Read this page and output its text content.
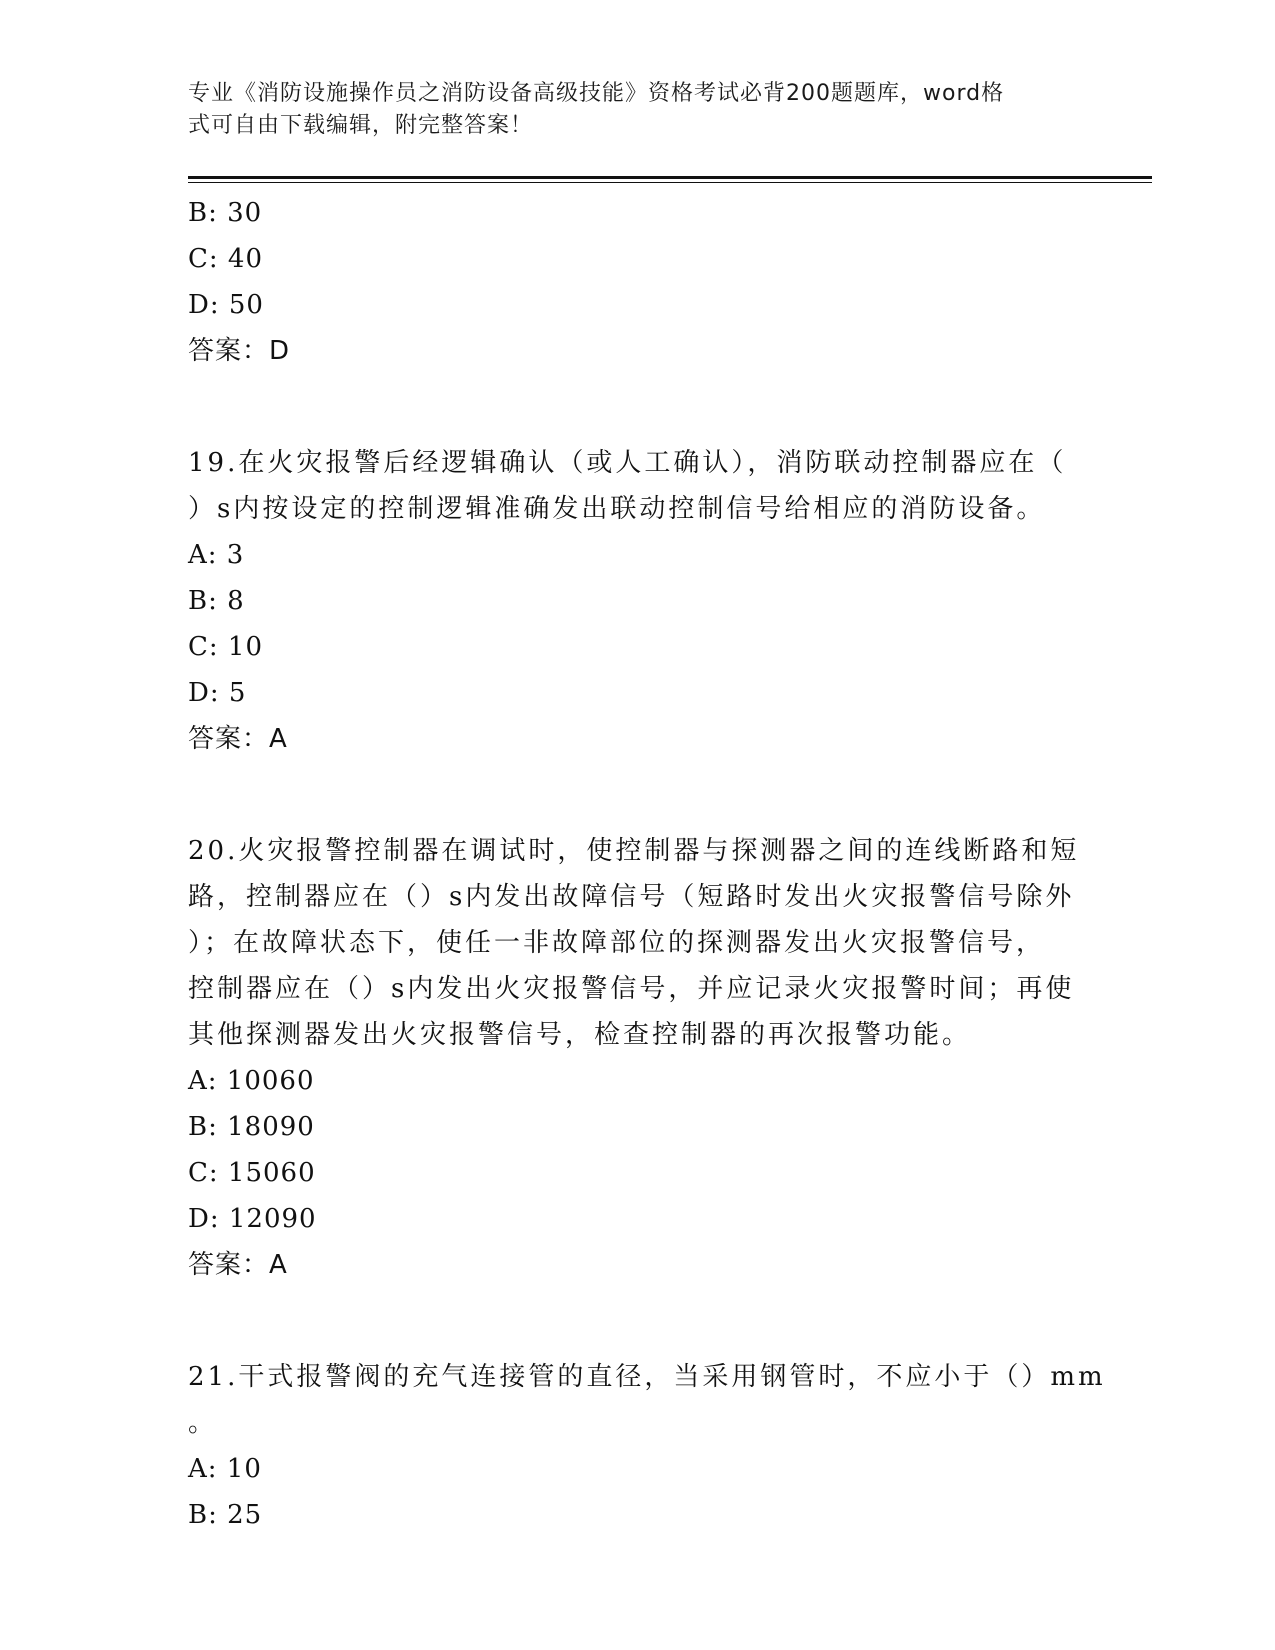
专业《消防设施操作员之消防设备高级技能》资格考试必背200题题库，word格
式可自由下载编辑，附完整答案！
B: 30
C: 40
D: 50
答案：D
19.在火灾报警后经逻辑确认（或人工确认），消防联动控制器应在（
）s内按设定的控制逻辑准确发出联动控制信号给相应的消防设备。
A: 3
B: 8
C: 10
D: 5
答案：A
20.火灾报警控制器在调试时，使控制器与探测器之间的连线断路和短
路，控制器应在（）s内发出故障信号（短路时发出火灾报警信号除外
）；在故障状态下，使任一非故障部位的探测器发出火灾报警信号，
控制器应在（）s内发出火灾报警信号，并应记录火灾报警时间；再使
其他探测器发出火灾报警信号，检查控制器的再次报警功能。
A: 10060
B: 18090
C: 15060
D: 12090
答案：A
21.干式报警阀的充气连接管的直径，当采用钢管时，不应小于（）mm
。
A: 10
B: 25
